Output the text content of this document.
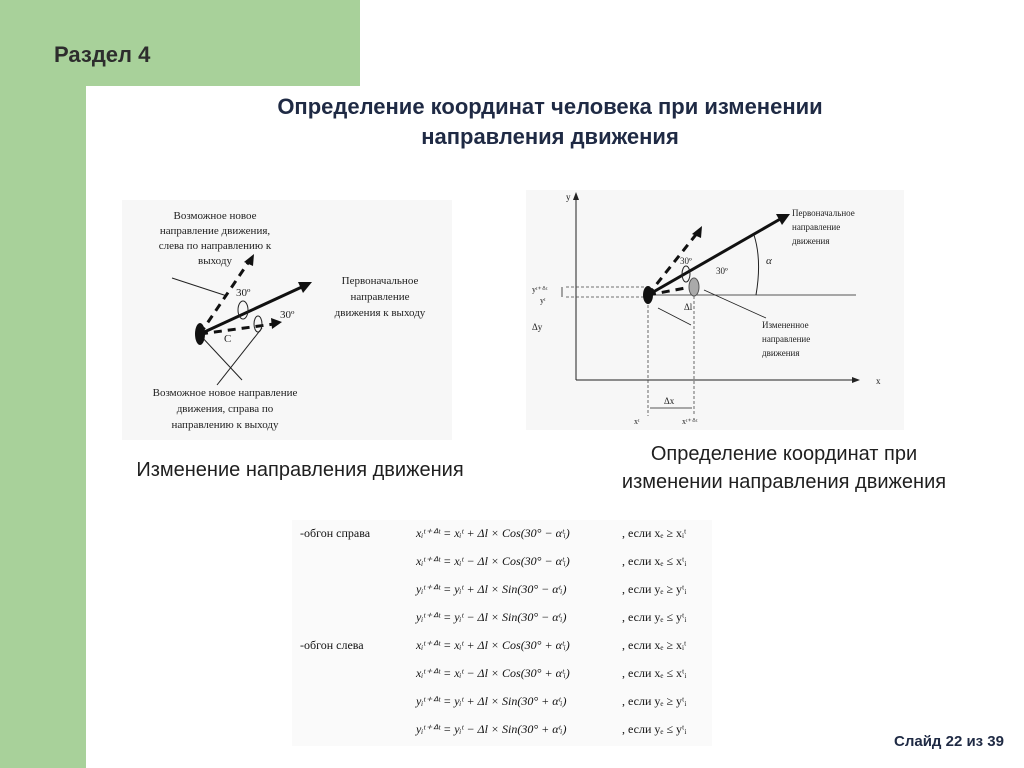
Раздел 4
Определение координат человека при изменении
направления движения
Возможное новое
направление движения,
слева по направлению к
выходу
Первоначальное
направление
движения к выходу
Возможное новое направление
движения, справа по
направлению к выходу
30º
30º
C
y
x
Первоначальное
направление
движения
Измененное
направление
движения
30º
30º
α
Δl
Δx
Δy
yᵗ⁺ᐞᵗ
yᵗ
xᵗ	xᵗ⁺ᐞᵗ
Изменение направления движения
Определение координат при
изменении направления движения
-обгон справа	xᵢᵗ⁺ᐞᵗ = xᵢᵗ + Δl × Cos(30° − αᵗᵢ)	, если xₑ ≥ xᵢᵗ
xᵢᵗ⁺ᐞᵗ = xᵢᵗ − Δl × Cos(30° − αᵗᵢ)	, если xₑ ≤ xᵗᵢ
yᵢᵗ⁺ᐞᵗ = yᵢᵗ + Δl × Sin(30° − αᵗᵢ)	, если yₑ ≥ yᵗᵢ
yᵢᵗ⁺ᐞᵗ = yᵢᵗ − Δl × Sin(30° − αᵗᵢ)	, если yₑ ≤ yᵗᵢ
-обгон слева	xᵢᵗ⁺ᐞᵗ = xᵢᵗ + Δl × Cos(30° + αᵗᵢ)	, если xₑ ≥ xᵢᵗ
xᵢᵗ⁺ᐞᵗ = xᵢᵗ − Δl × Cos(30° + αᵗᵢ)	, если xₑ ≤ xᵗᵢ
yᵢᵗ⁺ᐞᵗ = yᵢᵗ + Δl × Sin(30° + αᵗᵢ)	, если yₑ ≥ yᵗᵢ
yᵢᵗ⁺ᐞᵗ = yᵢᵗ − Δl × Sin(30° + αᵗᵢ)	, если yₑ ≤ yᵗᵢ
Слайд 22 из 39
